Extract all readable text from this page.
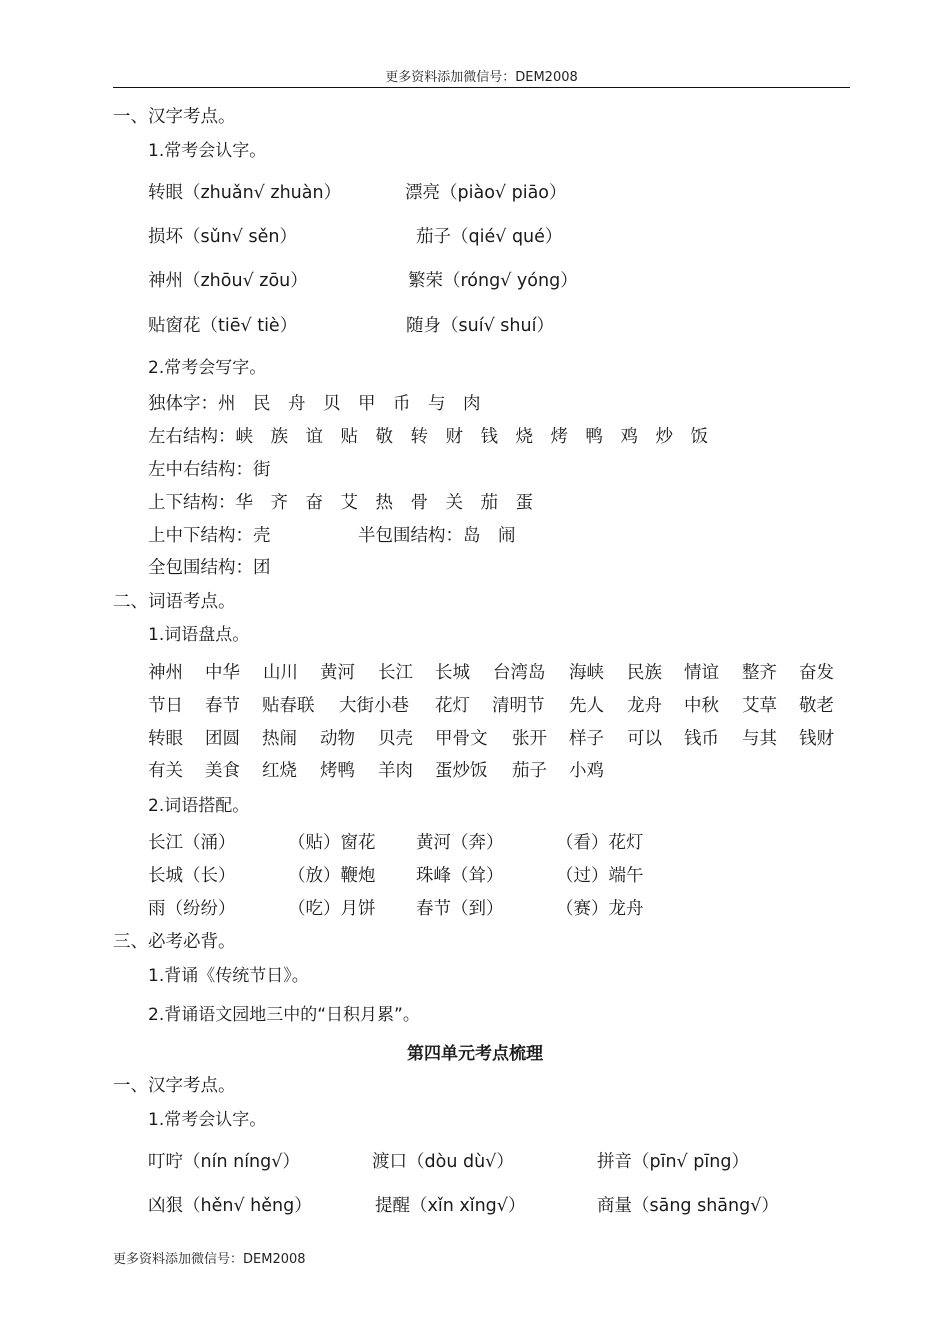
更多资料添加微信号：DEM2008
一、汉字考点。
1.常考会认字。
转眼（zhuǎn√ zhuàn）	漂亮（piào√ piāo）
损坏（sǔn√ sěn）	茄子（qié√ qué）
神州（zhōu√ zōu）	繁荣（róng√ yóng）
贴窗花（tiē√ tiè）	随身（suí√ shuí）
2.常考会写字。
独体字：州　民　舟　贝　甲　币　与　肉
左右结构：峡　族　谊　贴　敬　转　财　钱　烧　烤　鸭　鸡　炒　饭
左中右结构：街
上下结构：华　齐　奋　艾　热　骨　关　茄　蛋
上中下结构：壳	半包围结构：岛　闹
全包围结构：团
二、词语考点。
1.词语盘点。
神州 中华 山川 黄河 长江 长城 台湾岛 海峡 民族 情谊 整齐 奋发
节日 春节 贴春联 大街小巷 花灯 清明节 先人 龙舟 中秋 艾草 敬老
转眼 团圆 热闹 动物 贝壳 甲骨文 张开 样子 可以 钱币 与其 钱财
有关 美食 红烧 烤鸭 羊肉 蛋炒饭 茄子 小鸡
2.词语搭配。
长江（涌）	（贴）窗花 黄河（奔）	（看）花灯
长城（长）	（放）鞭炮 珠峰（耸）	（过）端午
雨（纷纷）	（吃）月饼 春节（到）	（赛）龙舟
三、必考必背。
1.背诵《传统节日》。
2.背诵语文园地三中的“日积月累”。
第四单元考点梳理
一、汉字考点。
1.常考会认字。
叮咛（nín níng√）	渡口（dòu dù√）	拼音（pīn√ pīng）
凶狠（hěn√ hěng）	提醒（xǐn xǐng√）	商量（sāng shāng√）
更多资料添加微信号：DEM2008
